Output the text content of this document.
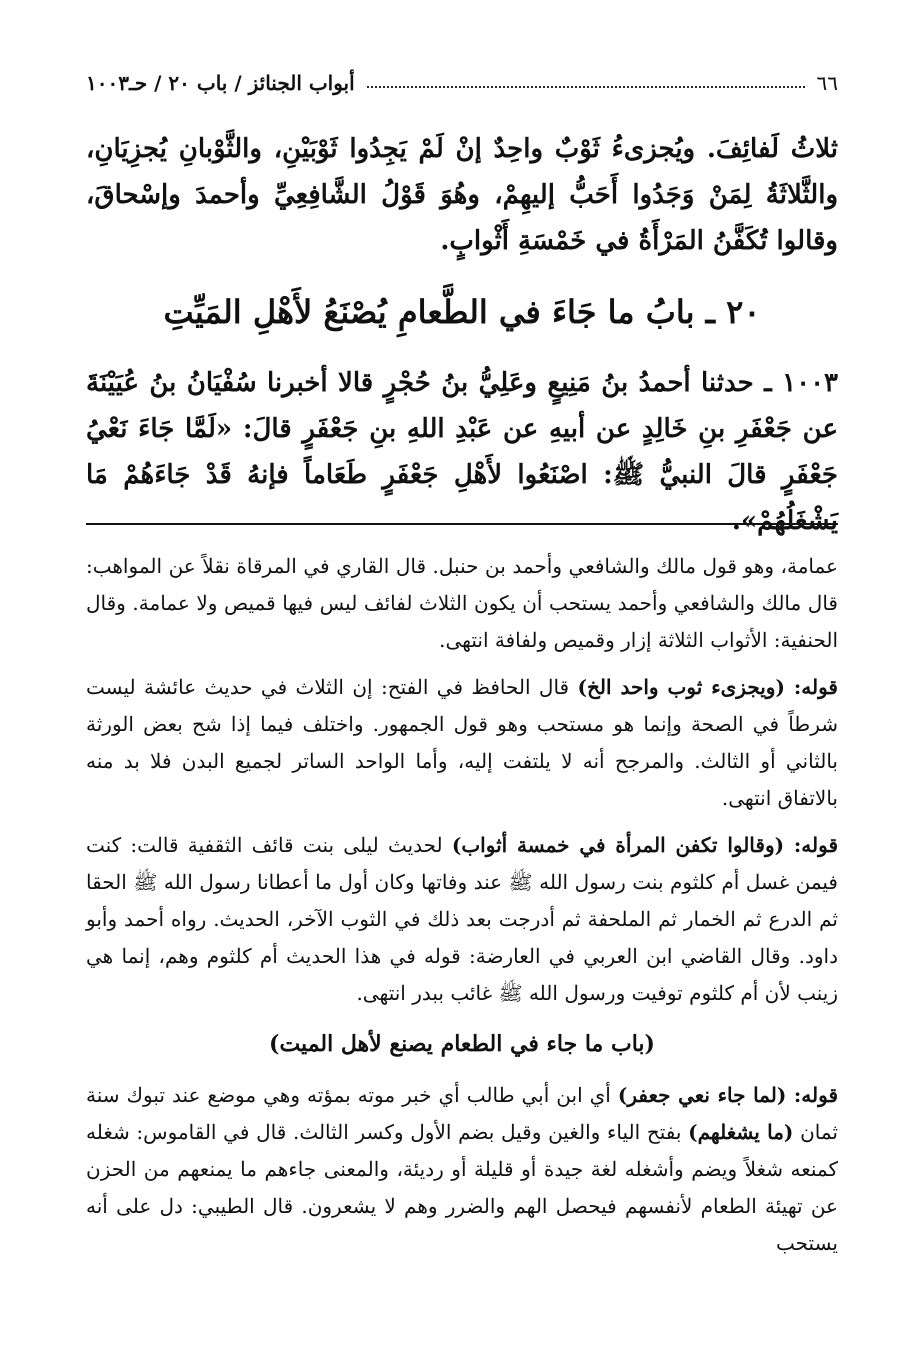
٦٦
أبواب الجنائز / باب ٢٠ / حـ١٠٠٣

ثلاثُ لَفائِفَ. ويُجزىءُ ثَوْبٌ واحِدٌ إنْ لَمْ يَجِدُوا ثَوْبَيْنِ، والثَّوْبانِ يُجزِيَانِ، والثَّلاثَةُ لِمَنْ وَجَدُوا أَحَبُّ إليهِمْ، وهُوَ قَوْلُ الشَّافِعِيِّ وأحمدَ وإسْحاقَ، وقالوا تُكَفَّنُ المَرْأَةُ في خَمْسَةِ أَثْوابٍ.

٢٠ ـ بابُ ما جَاءَ في الطَّعامِ يُصْنَعُ لأَهْلِ المَيِّتِ

١٠٠٣ ـ حدثنا أحمدُ بنُ مَنِيعٍ وعَلِيُّ بنُ حُجْرٍ قالا أخبرنا سُفْيَانُ بنُ عُيَيْنَةَ عن جَعْفَرِ بنِ خَالِدٍ عن أبيهِ عن عَبْدِ اللهِ بنِ جَعْفَرٍ قالَ: «لَمَّا جَاءَ نَعْيُ جَعْفَرٍ قالَ النبيُّ ﷺ: اصْنَعُوا لأَهْلِ جَعْفَرٍ طَعَاماً فإنهُ قَدْ جَاءَهُمْ مَا يَشْغَلُهُمْ».

عمامة، وهو قول مالك والشافعي وأحمد بن حنبل. قال القاري في المرقاة نقلاً عن المواهب: قال مالك والشافعي وأحمد يستحب أن يكون الثلاث لفائف ليس فيها قميص ولا عمامة. وقال الحنفية: الأثواب الثلاثة إزار وقميص ولفافة انتهى.

قوله: (ويجزىء ثوب واحد الخ) قال الحافظ في الفتح: إن الثلاث في حديث عائشة ليست شرطاً في الصحة وإنما هو مستحب وهو قول الجمهور. واختلف فيما إذا شح بعض الورثة بالثاني أو الثالث. والمرجح أنه لا يلتفت إليه، وأما الواحد الساتر لجميع البدن فلا بد منه بالاتفاق انتهى.

قوله: (وقالوا تكفن المرأة في خمسة أثواب) لحديث ليلى بنت قائف الثقفية قالت: كنت فيمن غسل أم كلثوم بنت رسول الله ﷺ عند وفاتها وكان أول ما أعطانا رسول الله ﷺ الحقا ثم الدرع ثم الخمار ثم الملحفة ثم أدرجت بعد ذلك في الثوب الآخر، الحديث. رواه أحمد وأبو داود. وقال القاضي ابن العربي في العارضة: قوله في هذا الحديث أم كلثوم وهم، إنما هي زينب لأن أم كلثوم توفيت ورسول الله ﷺ غائب ببدر انتهى.

(باب ما جاء في الطعام يصنع لأهل الميت)

قوله: (لما جاء نعي جعفر) أي ابن أبي طالب أي خبر موته بمؤته وهي موضع عند تبوك سنة ثمان (ما يشغلهم) بفتح الياء والغين وقيل بضم الأول وكسر الثالث. قال في القاموس: شغله كمنعه شغلاً ويضم وأشغله لغة جيدة أو قليلة أو رديئة، والمعنى جاءهم ما يمنعهم من الحزن عن تهيئة الطعام لأنفسهم فيحصل الهم والضرر وهم لا يشعرون. قال الطيبي: دل على أنه يستحب
